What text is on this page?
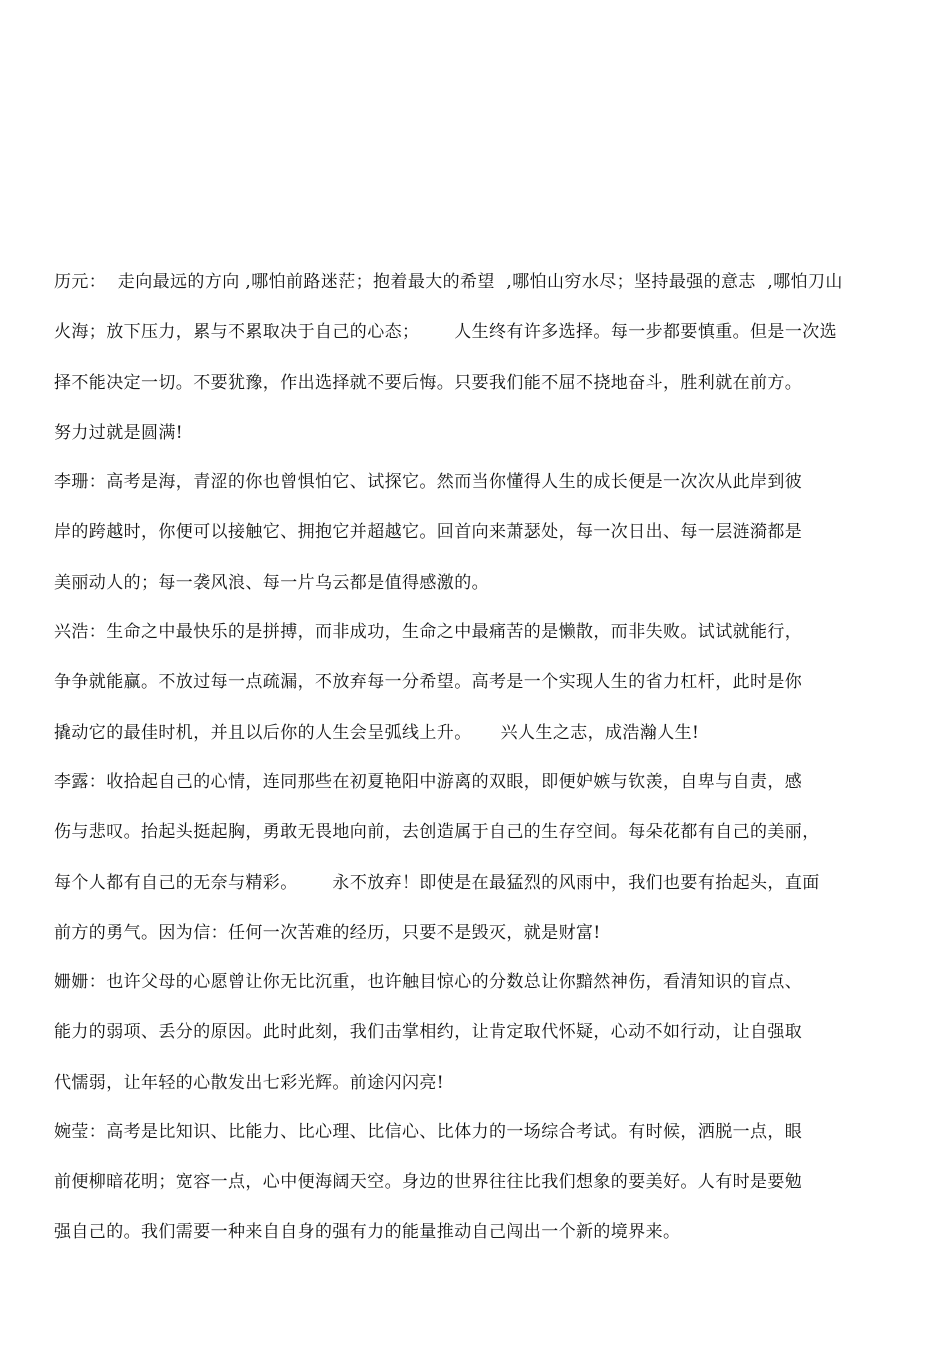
历元：  走向最远的方向 ,哪怕前路迷茫；抱着最大的希望  ,哪怕山穷水尽；坚持最强的意志  ,哪怕刀山
火海；放下压力，累与不累取决于自己的心态；      人生终有许多选择。每一步都要慎重。但是一次选
择不能决定一切。不要犹豫，作出选择就不要后悔。只要我们能不屈不挠地奋斗，胜利就在前方。
努力过就是圆满!
李珊：高考是海，青涩的你也曾惧怕它、试探它。然而当你懂得人生的成长便是一次次从此岸到彼
岸的跨越时，你便可以接触它、拥抱它并超越它。回首向来萧瑟处，每一次日出、每一层涟漪都是
美丽动人的；每一袭风浪、每一片乌云都是值得感激的。
兴浩：生命之中最快乐的是拼搏，而非成功，生命之中最痛苦的是懒散，而非失败。试试就能行，
争争就能赢。不放过每一点疏漏，不放弃每一分希望。高考是一个实现人生的省力杠杆，此时是你
撬动它的最佳时机，并且以后你的人生会呈弧线上升。     兴人生之志，成浩瀚人生!
李露：收拾起自己的心情，连同那些在初夏艳阳中游离的双眼，即便妒嫉与钦羡，自卑与自责，感
伤与悲叹。抬起头挺起胸，勇敢无畏地向前，去创造属于自己的生存空间。每朵花都有自己的美丽，
每个人都有自己的无奈与精彩。      永不放弃！即使是在最猛烈的风雨中，我们也要有抬起头，直面
前方的勇气。因为信：任何一次苦难的经历，只要不是毁灭，就是财富!
姗姗：也许父母的心愿曾让你无比沉重，也许触目惊心的分数总让你黯然神伤，看清知识的盲点、
能力的弱项、丢分的原因。此时此刻，我们击掌相约，让肯定取代怀疑，心动不如行动，让自强取
代懦弱，让年轻的心散发出七彩光辉。前途闪闪亮!
婉莹：高考是比知识、比能力、比心理、比信心、比体力的一场综合考试。有时候，洒脱一点，眼
前便柳暗花明；宽容一点，心中便海阔天空。身边的世界往往比我们想象的要美好。人有时是要勉
强自己的。我们需要一种来自自身的强有力的能量推动自己闯出一个新的境界来。
